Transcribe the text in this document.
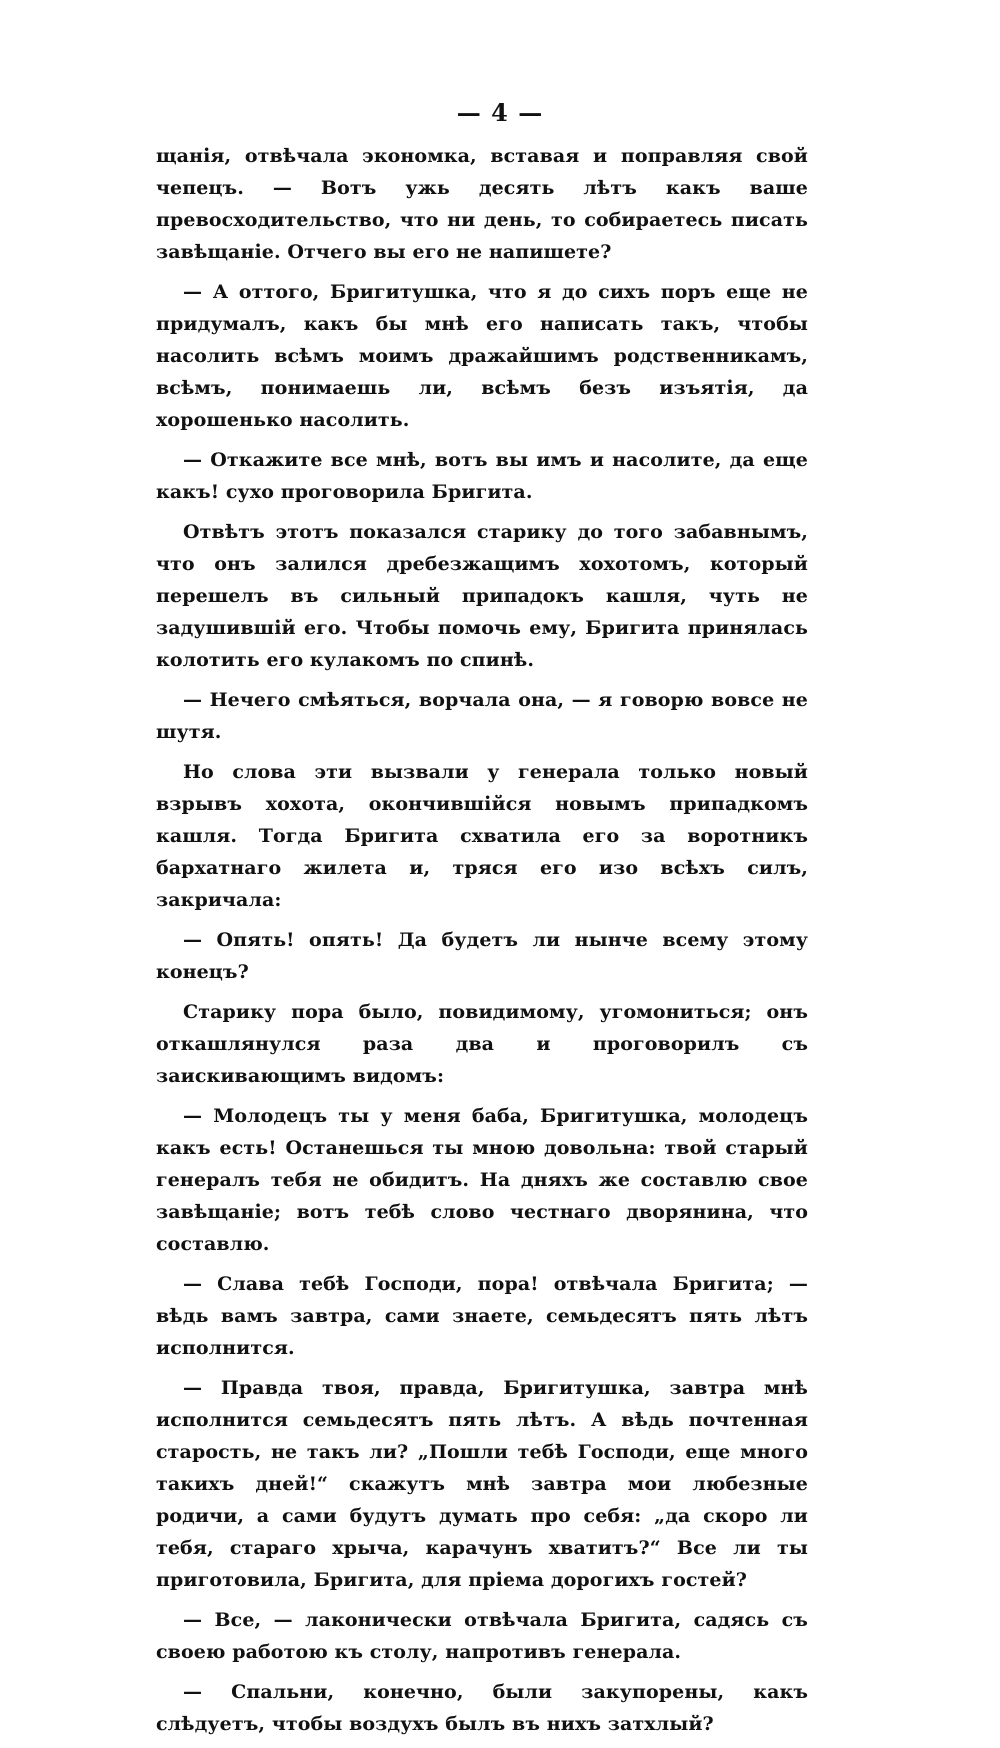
— 4 —

щанія, отвѣчала экономка, вставая и поправляя свой чепецъ. — Вотъ ужь десять лѣтъ какъ ваше превосходительство, что ни день, то собираетесь писать завѣщаніе. Отчего вы его не напишете?

— А оттого, Бригитушка, что я до сихъ поръ еще не придумалъ, какъ бы мнѣ его написать такъ, чтобы насолить всѣмъ моимъ дражайшимъ родственникамъ, всѣмъ, понимаешь ли, всѣмъ безъ изъятія, да хорошенько насолить.

— Откажите все мнѣ, вотъ вы имъ и насолите, да еще какъ! сухо проговорила Бригита.

Отвѣтъ этотъ показался старику до того забавнымъ, что онъ залился дребезжащимъ хохотомъ, который перешелъ въ сильный припадокъ кашля, чуть не задушившій его. Чтобы помочь ему, Бригита принялась колотить его кулакомъ по спинѣ.

— Нечего смѣяться, ворчала она, — я говорю вовсе не шутя.

Но слова эти вызвали у генерала только новый взрывъ хохота, окончившійся новымъ припадкомъ кашля. Тогда Бригита схватила его за воротникъ бархатнаго жилета и, тряся его изо всѣхъ силъ, закричала:

— Опять! опять! Да будетъ ли нынче всему этому конецъ?

Старику пора было, повидимому, угомониться; онъ откашлянулся раза два и проговорилъ съ заискивающимъ видомъ:

— Молодецъ ты у меня баба, Бригитушка, молодецъ какъ есть! Останешься ты мною довольна: твой старый генералъ тебя не обидитъ. На дняхъ же составлю свое завѣщаніе; вотъ тебѣ слово честнаго дворянина, что составлю.

— Слава тебѣ Господи, пора! отвѣчала Бригита; — вѣдь вамъ завтра, сами знаете, семьдесятъ пять лѣтъ исполнится.

— Правда твоя, правда, Бригитушка, завтра мнѣ исполнится семьдесятъ пять лѣтъ. А вѣдь почтенная старость, не такъ ли? „Пошли тебѣ Господи, еще много такихъ дней!“ скажутъ мнѣ завтра мои любезные родичи, а сами будутъ думать про себя: „да скоро ли тебя, стараго хрыча, карачунъ хватитъ?“ Все ли ты приготовила, Бригита, для пріема дорогихъ гостей?

— Все, — лаконически отвѣчала Бригита, садясь съ своею работою къ столу, напротивъ генерала.

— Спальни, конечно, были закупорены, какъ слѣдуетъ, чтобы воздухъ былъ въ нихъ затхлый?
